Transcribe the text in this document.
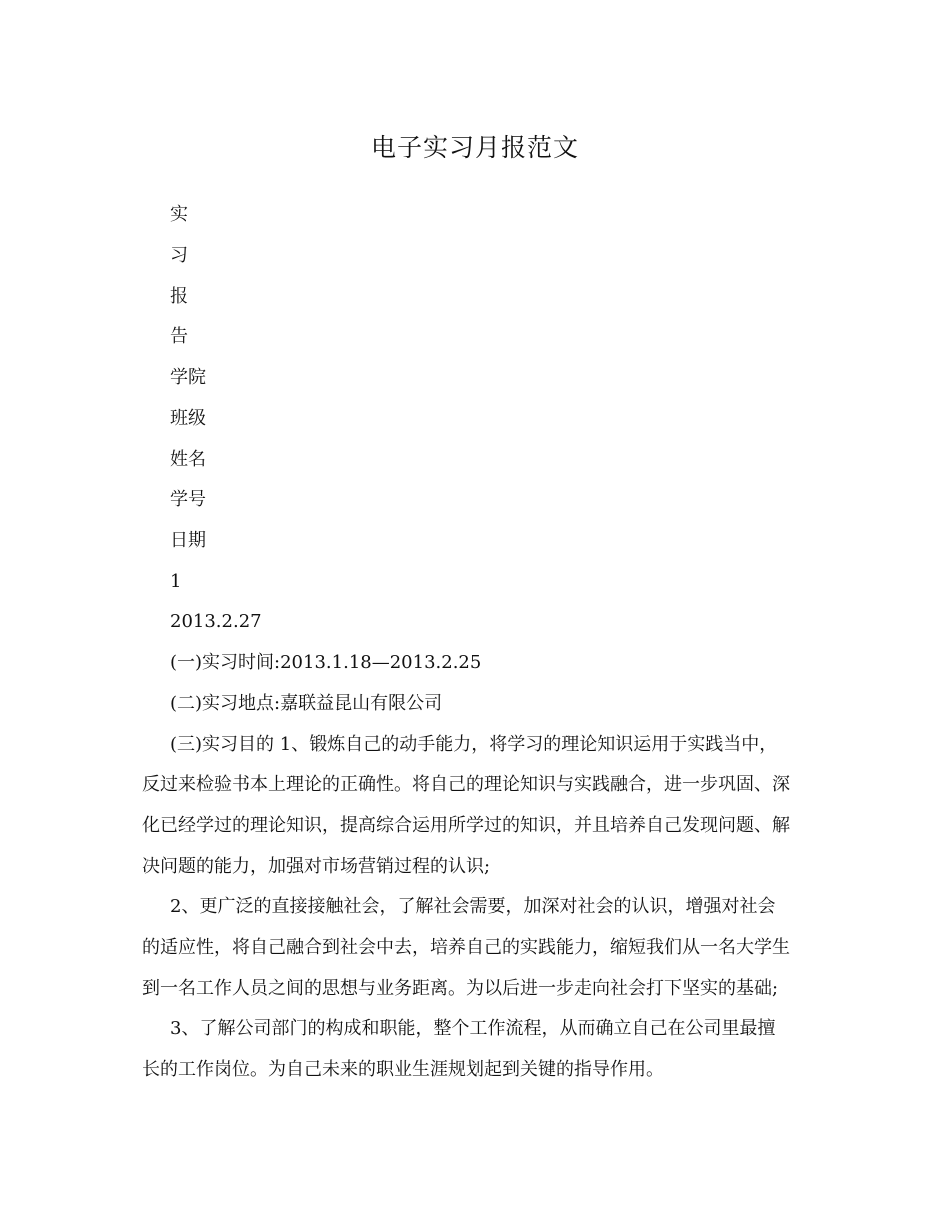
电子实习月报范文
实
习
报
告
学院
班级
姓名
学号
日期
1
2013.2.27
(一)实习时间:2013.1.18—2013.2.25
(二)实习地点:嘉联益昆山有限公司
(三)实习目的 1、锻炼自己的动手能力，将学习的理论知识运用于实践当中，
反过来检验书本上理论的正确性。将自己的理论知识与实践融合，进一步巩固、深
化已经学过的理论知识，提高综合运用所学过的知识，并且培养自己发现问题、解
决问题的能力，加强对市场营销过程的认识;
2、更广泛的直接接触社会，了解社会需要，加深对社会的认识，增强对社会
的适应性，将自己融合到社会中去，培养自己的实践能力，缩短我们从一名大学生
到一名工作人员之间的思想与业务距离。为以后进一步走向社会打下坚实的基础;
3、了解公司部门的构成和职能，整个工作流程，从而确立自己在公司里最擅
长的工作岗位。为自己未来的职业生涯规划起到关键的指导作用。
